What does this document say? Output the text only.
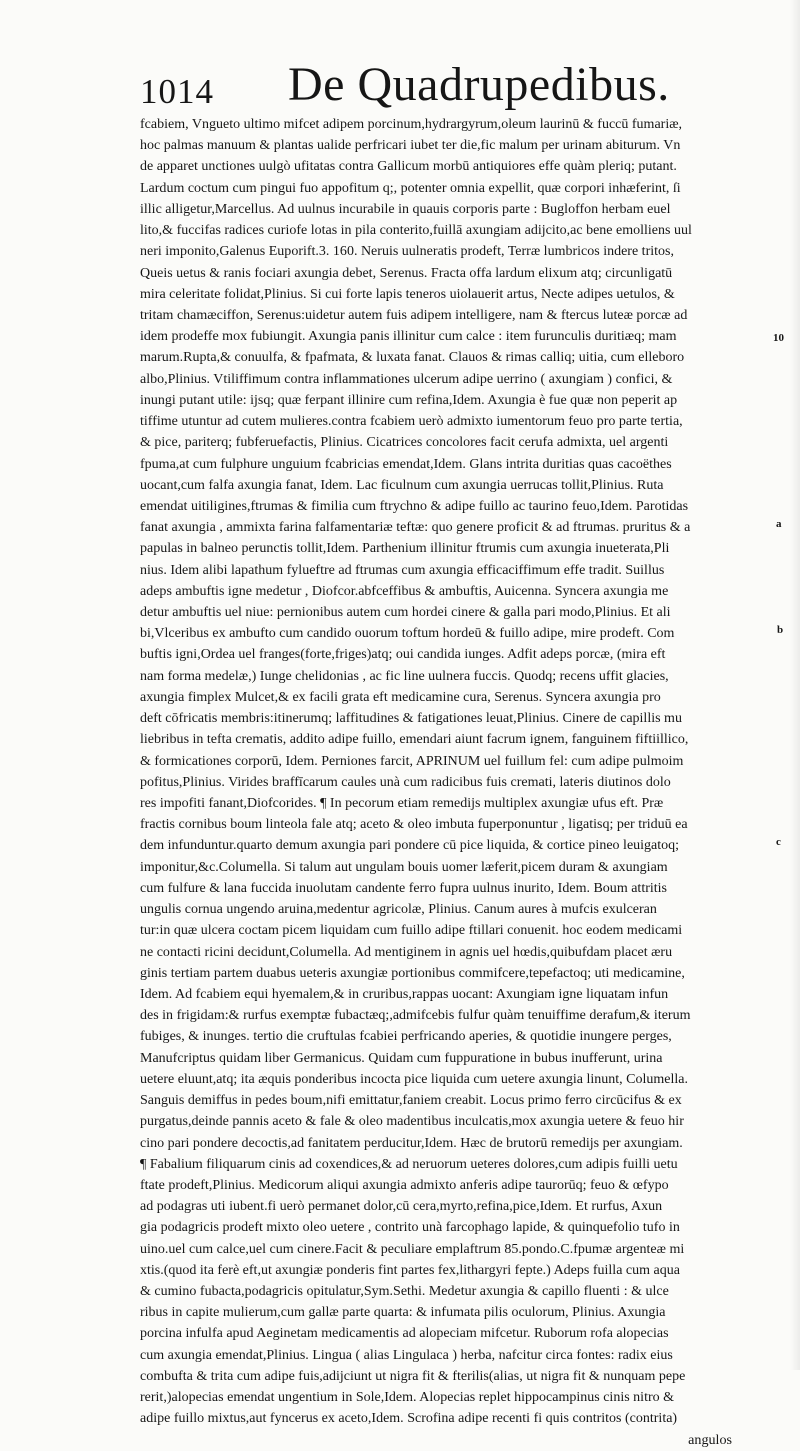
1014 De Quadrupedibus.
fcabiem, Vngueto ultimo mifcet adipem porcinum,hydrargyrum,oleum laurinū & fuccū fumariæ,
hoc palmas manuum & plantas ualide perfricari iubet ter die,fic malum per urinam abiturum. Vn
de apparet unctiones uulgò ufitatas contra Gallicum morbū antiquiores effe quàm pleriq; putant.
Lardum coctum cum pingui fuo appofitum q;, potenter omnia expellit, quæ corpori inhæferint, ſi
illic alligetur,Marcellus. Ad uulnus incurabile in quauis corporis parte : Bugloffon herbam euel
lito,& fuccifas radices curiofe lotas in pila conterito,fuillā axungiam adijcito,ac bene emolliens uul
neri imponito,Galenus Euporift.3. 160. Neruis uulneratis prodeft, Terræ lumbricos indere tritos,
Queis uetus & ranis fociari axungia debet, Serenus. Fracta offa lardum elixum atq; circunligatū
mira celeritate folidat,Plinius. Si cui forte lapis teneros uiolauerit artus, Necte adipes uetulos, &
tritam chamæciffon, Serenus:uidetur autem fuis adipem intelligere, nam & ftercus luteæ porcæ ad
idem prodeffe mox fubiungit. Axungia panis illinitur cum calce : item furunculis duritiæq; mam
marum.Rupta,& conuulfa, & fpafmata, & luxata fanat. Clauos & rimas calliq; uitia, cum elleboro
albo,Plinius. Vtiliffimum contra inflammationes ulcerum adipe uerrino ( axungiam ) confici, &
inungi putant utile: ijsq; quæ ferpant illinire cum refina,Idem. Axungia è fue quæ non peperit ap
tiffime utuntur ad cutem mulieres.contra fcabiem uerò admixto iumentorum feuo pro parte tertia,
& pice, pariterq; fubferuefactis, Plinius. Cicatrices concolores facit cerufa admixta, uel argenti
fpuma,at cum fulphure unguium fcabricias emendat,Idem. Glans intrita duritias quas cacoëthes
uocant,cum falfa axungia fanat, Idem. Lac ficulnum cum axungia uerrucas tollit,Plinius. Ruta
emendat uitiligines,ftrumas & fimilia cum ftrychno & adipe fuillo ac taurino feuo,Idem. Parotidas
fanat axungia , ammixta farina falfamentariæ teftæ: quo genere proficit & ad ftrumas. pruritus & a
papulas in balneo perunctis tollit,Idem. Parthenium illinitur ftrumis cum axungia inueterata,Pli
nius. Idem alibi lapathum fylueftre ad ftrumas cum axungia efficaciffimum effe tradit. Suillus
adeps ambuftis igne medetur , Diofcor.abfceffibus & ambuftis, Auicenna. Syncera axungia me
detur ambuftis uel niue: pernionibus autem cum hordei cinere & galla pari modo,Plinius. Et ali
bi,Vlceribus ex ambufto cum candido ouorum toftum hordeū & fuillo adipe, mire prodeft. Com
buftis igni,Ordea uel franges(forte,friges)atq; oui candida iunges. Adfit adeps porcæ, (mira eft
nam forma medelæ,) Iunge chelidonias , ac fic line uulnera fuccis. Quodq; recens uffit glacies,
axungia fimplex Mulcet,& ex facili grata eft medicamine cura, Serenus. Syncera axungia pro
deft cōfricatis membris:itinerumq; laffitudines & fatigationes leuat,Plinius. Cinere de capillis mu
liebribus in tefta crematis, addito adipe fuillo, emendari aiunt facrum ignem, fanguinem fiftiillico,
& formicationes corporū, Idem. Perniones farcit, APRINUM uel fuillum fel: cum adipe pulmoim
pofitus,Plinius. Virides braffīcarum caules unà cum radicibus fuis cremati, lateris diutinos dolo
res impofiti fanant,Diofcorides. ¶ In pecorum etiam remedijs multiplex axungiæ ufus eft. Præ
fractis cornibus boum linteola fale atq; aceto & oleo imbuta fuperponuntur , ligatisq; per triduū ea
dem infunduntur.quarto demum axungia pari pondere cū pice liquida, & cortice pineo leuigatoq;
imponitur,&c.Columella. Si talum aut ungulam bouis uomer læferit,picem duram & axungiam
cum fulfure & lana fuccida inuolutam candente ferro fupra uulnus inurito, Idem. Boum attritis
ungulis cornua ungendo aruina,medentur agricolæ, Plinius. Canum aures à mufcis exulceran
tur:in quæ ulcera coctam picem liquidam cum fuillo adipe ftillari conuenit. hoc eodem medicami
ne contacti ricini decidunt,Columella. Ad mentiginem in agnis uel hœdis,quibufdam placet æru
ginis tertiam partem duabus ueteris axungiæ portionibus commifcere,tepefactoq; uti medicamine,
Idem. Ad fcabiem equi hyemalem,& in cruribus,rappas uocant: Axungiam igne liquatam infun
des in frigidam:& rurfus exemptæ fubactæq;,admifcebis fulfur quàm tenuiffime derafum,& iterum
fubiges, & inunges. tertio die cruftulas fcabiei perfricando aperies, & quotidie inungere perges,
Manufcriptus quidam liber Germanicus. Quidam cum fuppuratione in bubus inufferunt, urina
uetere eluunt,atq; ita æquis ponderibus incocta pice liquida cum uetere axungia linunt, Columella.
Sanguis demiffus in pedes boum,nifi emittatur,faniem creabit. Locus primo ferro circūcifus & ex
purgatus,deinde pannis aceto & fale & oleo madentibus inculcatis,mox axungia uetere & feuo hir
cino pari pondere decoctis,ad fanitatem perducitur,Idem. Hæc de brutorū remedijs per axungiam.
¶ Fabalium filiquarum cinis ad coxendices,& ad neruorum ueteres dolores,cum adipis fuilli uetu
ftate prodeft,Plinius. Medicorum aliqui axungia admixto anferis adipe taurorūq; feuo & œfypo
ad podagras uti iubent.fi uerò permanet dolor,cū cera,myrto,refina,pice,Idem. Et rurfus, Axun
gia podagricis prodeft mixto oleo uetere , contrito unà farcophago lapide, & quinquefolio tufo in
uino.uel cum calce,uel cum cinere.Facit & peculiare emplaftrum 85.pondo.C.fpumæ argenteæ mi
xtis.(quod ita ferè eft,ut axungiæ ponderis fint partes fex,lithargyri fepte.) Adeps fuilla cum aqua
& cumino fubacta,podagricis opitulatur,Sym.Sethi. Medetur axungia & capillo fluenti : & ulce
ribus in capite mulierum,cum gallæ parte quarta: & infumata pilis oculorum, Plinius. Axungia
porcina infulfa apud Aeginetam medicamentis ad alopeciam mifcetur. Ruborum rofa alopecias
cum axungia emendat,Plinius. Lingua ( alias Lingulaca ) herba, nafcitur circa fontes: radix eius
combufta & trita cum adipe fuis,adijciunt ut nigra fit & fterilis(alias, ut nigra fit & nunquam pepe
rerit,)alopecias emendat ungentium in Sole,Idem. Alopecias replet hippocampinus cinis nitro &
adipe fuillo mixtus,aut fyncerus ex aceto,Idem. Scrofina adipe recenti fi quis contritos (contrita)
angulos
10
a
b
c
